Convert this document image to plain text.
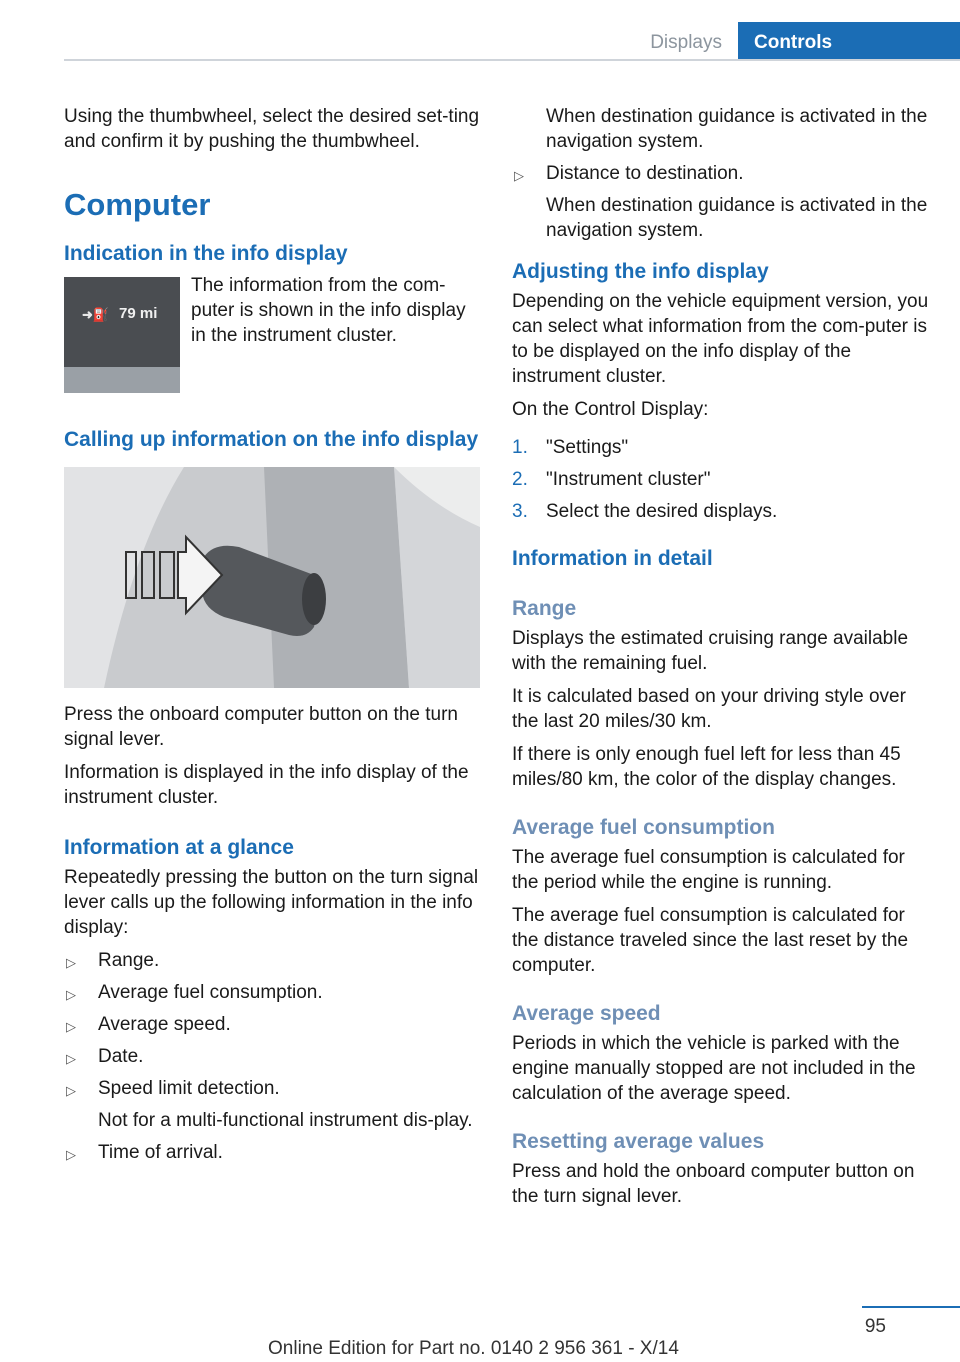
Displays	Controls

Using the thumbwheel, select the desired set-ting and confirm it by pushing the thumbwheel.

Computer
Indication in the info display
➜⛽ 79 mi

The information from the com-puter is shown in the info display in the instrument cluster.

Calling up information on the info display

Press the onboard computer button on the turn signal lever.

Information is displayed in the info display of the instrument cluster.

Information at a glance

Repeatedly pressing the button on the turn signal lever calls up the following information in the info display:

▷ Range.
▷ Average fuel consumption.
▷ Average speed.
▷ Date.
▷ Speed limit detection.
Not for a multi-functional instrument dis-play.
▷ Time of arrival.

When destination guidance is activated in the navigation system.

▷ Distance to destination.
When destination guidance is activated in the navigation system.
Adjusting the info display

Depending on the vehicle equipment version, you can select what information from the com-puter is to be displayed on the info display of the instrument cluster.

On the Control Display:

1. "Settings"
2. "Instrument cluster"
3. Select the desired displays.
Information in detail
Range

Displays the estimated cruising range available with the remaining fuel.

It is calculated based on your driving style over the last 20 miles/30 km.

If there is only enough fuel left for less than 45 miles/80 km, the color of the display changes.

Average fuel consumption

The average fuel consumption is calculated for the period while the engine is running.

The average fuel consumption is calculated for the distance traveled since the last reset by the computer.

Average speed

Periods in which the vehicle is parked with the engine manually stopped are not included in the calculation of the average speed.

Resetting average values

Press and hold the onboard computer button on the turn signal lever.

95
Online Edition for Part no. 0140 2 956 361 - X/14
